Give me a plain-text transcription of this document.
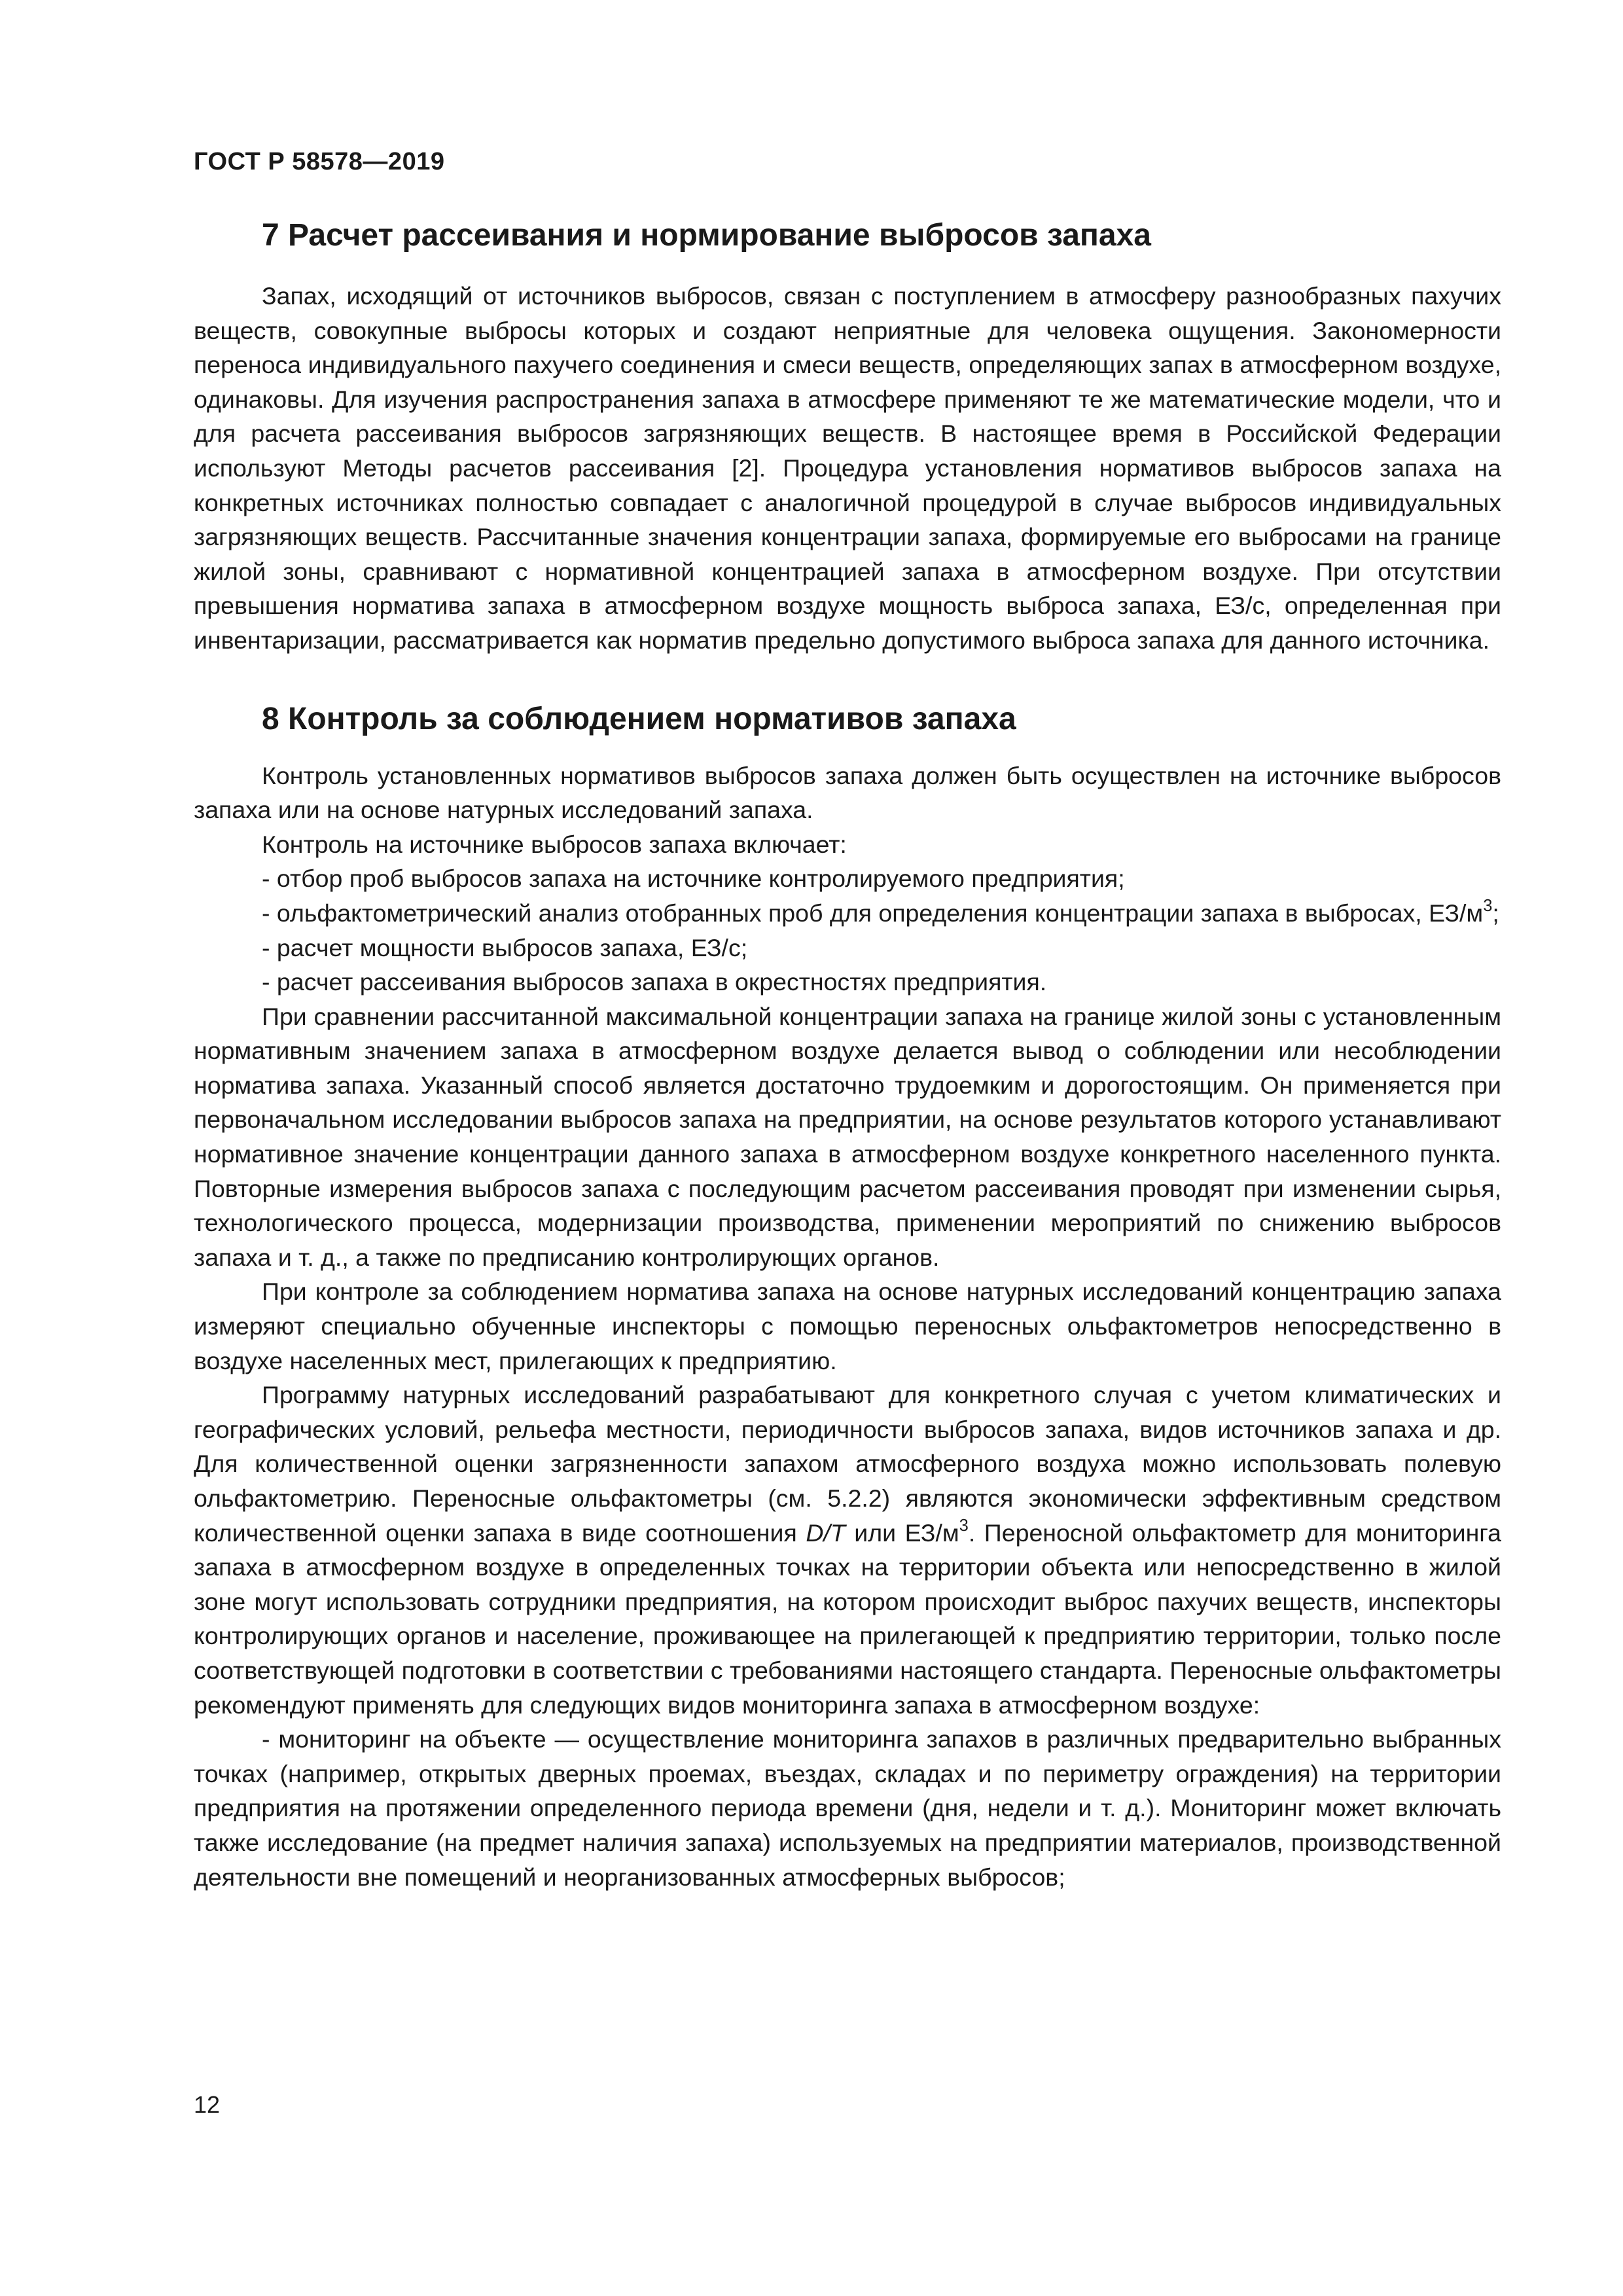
ГОСТ Р 58578—2019
7 Расчет рассеивания и нормирование выбросов запаха

Запах, исходящий от источников выбросов, связан с поступлением в атмосферу разнообразных пахучих веществ, совокупные выбросы которых и создают неприятные для человека ощущения. Закономерности переноса индивидуального пахучего соединения и смеси веществ, определяющих запах в атмосферном воздухе, одинаковы. Для изучения распространения запаха в атмосфере применяют те же математические модели, что и для расчета рассеивания выбросов загрязняющих веществ. В настоящее время в Российской Федерации используют Методы расчетов рассеивания [2]. Процедура установления нормативов выбросов запаха на конкретных источниках полностью совпадает с аналогичной процедурой в случае выбросов индивидуальных загрязняющих веществ. Рассчитанные значения концентрации запаха, формируемые его выбросами на границе жилой зоны, сравнивают с нормативной концентрацией запаха в атмосферном воздухе. При отсутствии превышения норматива запаха в атмосферном воздухе мощность выброса запаха, ЕЗ/с, определенная при инвентаризации, рассматривается как норматив предельно допустимого выброса запаха для данного источника.

8 Контроль за соблюдением нормативов запаха

Контроль установленных нормативов выбросов запаха должен быть осуществлен на источнике выбросов запаха или на основе натурных исследований запаха.

Контроль на источнике выбросов запаха включает:

- отбор проб выбросов запаха на источнике контролируемого предприятия;

- ольфактометрический анализ отобранных проб для определения концентрации запаха в выбросах, $ЕЗ/м^3$;

- расчет мощности выбросов запаха, ЕЗ/с;

- расчет рассеивания выбросов запаха в окрестностях предприятия.

При сравнении рассчитанной максимальной концентрации запаха на границе жилой зоны с установленным нормативным значением запаха в атмосферном воздухе делается вывод о соблюдении или несоблюдении норматива запаха. Указанный способ является достаточно трудоемким и дорогостоящим. Он применяется при первоначальном исследовании выбросов запаха на предприятии, на основе результатов которого устанавливают нормативное значение концентрации данного запаха в атмосферном воздухе конкретного населенного пункта. Повторные измерения выбросов запаха с последующим расчетом рассеивания проводят при изменении сырья, технологического процесса, модернизации производства, применении мероприятий по снижению выбросов запаха и т. д., а также по предписанию контролирующих органов.

При контроле за соблюдением норматива запаха на основе натурных исследований концентрацию запаха измеряют специально обученные инспекторы с помощью переносных ольфактометров непосредственно в воздухе населенных мест, прилегающих к предприятию.

Программу натурных исследований разрабатывают для конкретного случая с учетом климатических и географических условий, рельефа местности, периодичности выбросов запаха, видов источников запаха и др. Для количественной оценки загрязненности запахом атмосферного воздуха можно использовать полевую ольфактометрию. Переносные ольфактометры (см. 5.2.2) являются экономически эффективным средством количественной оценки запаха в виде соотношения D/T или $ЕЗ/м^3$. Переносной ольфактометр для мониторинга запаха в атмосферном воздухе в определенных точках на территории объекта или непосредственно в жилой зоне могут использовать сотрудники предприятия, на котором происходит выброс пахучих веществ, инспекторы контролирующих органов и население, проживающее на прилегающей к предприятию территории, только после соответствующей подготовки в соответствии с требованиями настоящего стандарта. Переносные ольфактометры рекомендуют применять для следующих видов мониторинга запаха в атмосферном воздухе:

- мониторинг на объекте — осуществление мониторинга запахов в различных предварительно выбранных точках (например, открытых дверных проемах, въездах, складах и по периметру ограждения) на территории предприятия на протяжении определенного периода времени (дня, недели и т. д.). Мониторинг может включать также исследование (на предмет наличия запаха) используемых на предприятии материалов, производственной деятельности вне помещений и неорганизованных атмосферных выбросов;

12
